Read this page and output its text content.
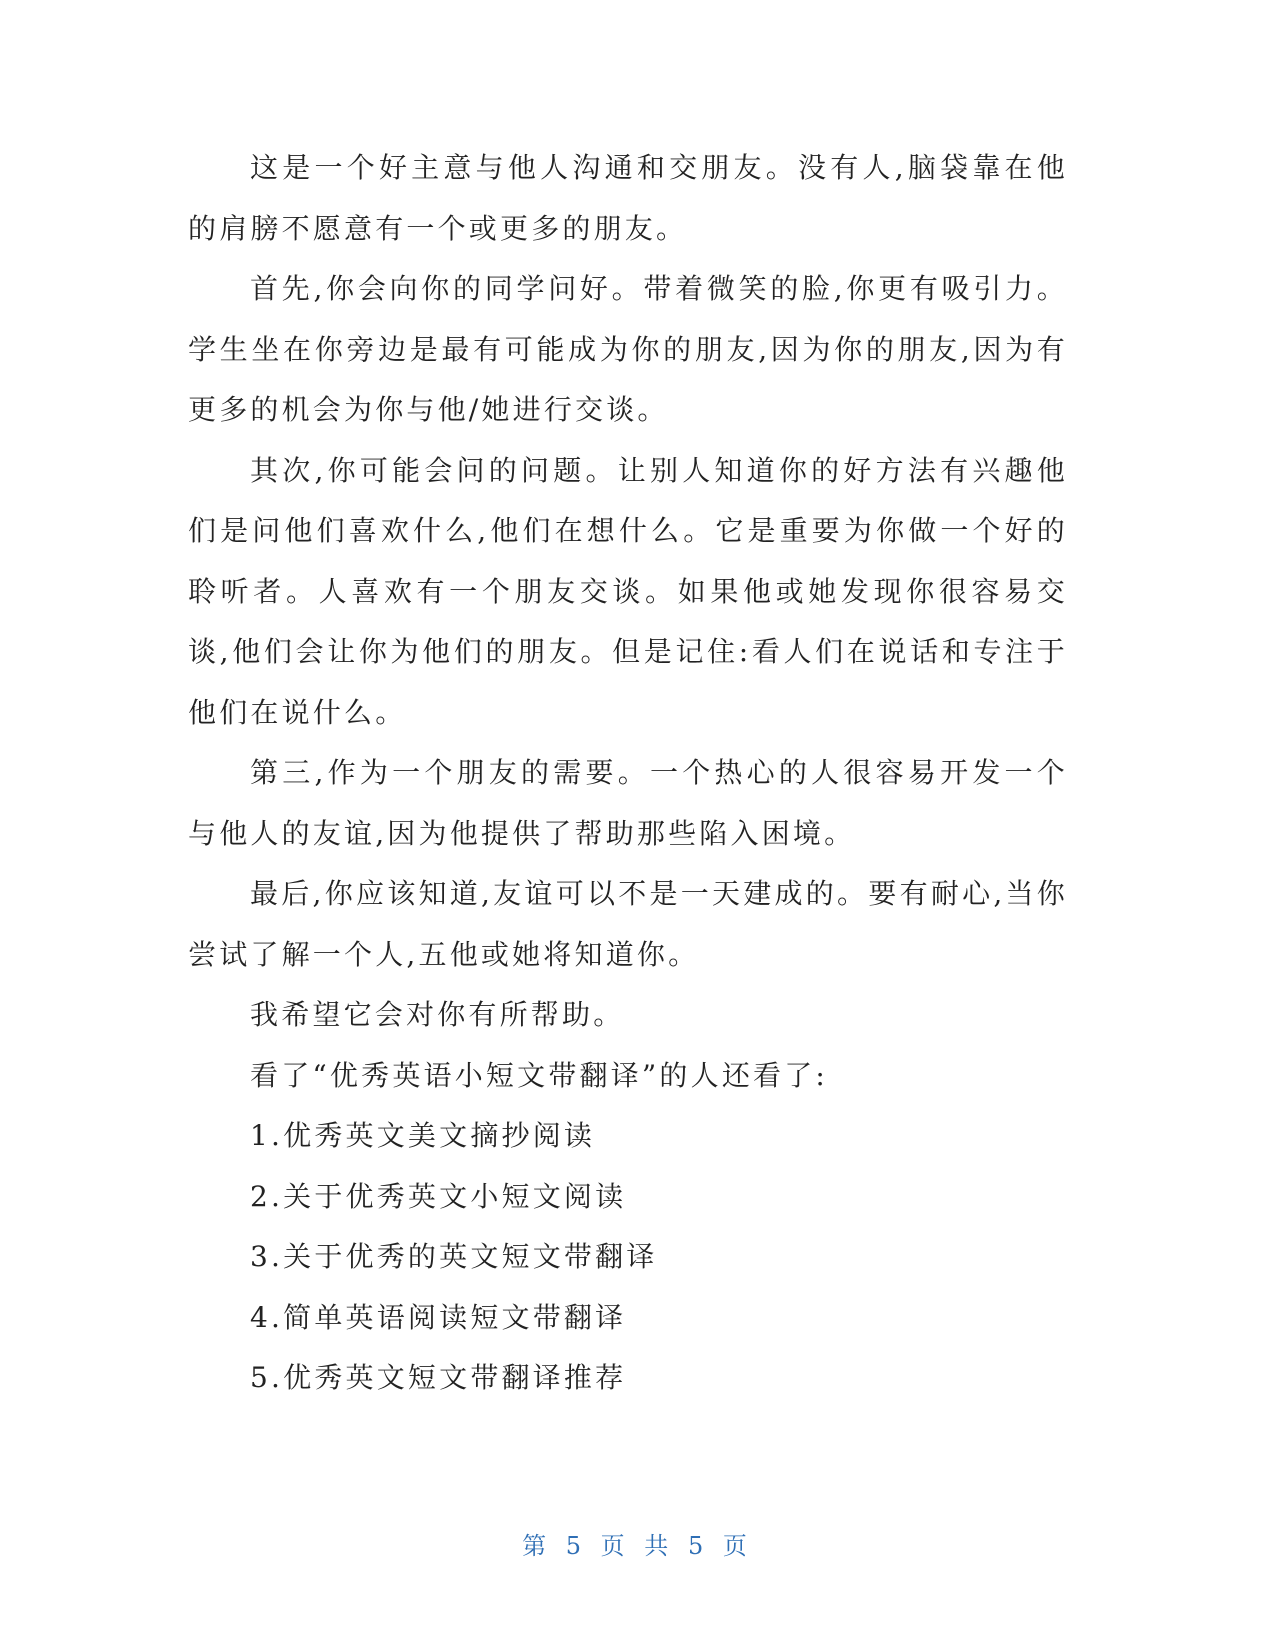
这是一个好主意与他人沟通和交朋友。没有人,脑袋靠在他的肩膀不愿意有一个或更多的朋友。

首先,你会向你的同学问好。带着微笑的脸,你更有吸引力。学生坐在你旁边是最有可能成为你的朋友,因为你的朋友,因为有更多的机会为你与他/她进行交谈。

其次,你可能会问的问题。让别人知道你的好方法有兴趣他们是问他们喜欢什么,他们在想什么。它是重要为你做一个好的聆听者。人喜欢有一个朋友交谈。如果他或她发现你很容易交谈,他们会让你为他们的朋友。但是记住:看人们在说话和专注于他们在说什么。

第三,作为一个朋友的需要。一个热心的人很容易开发一个与他人的友谊,因为他提供了帮助那些陷入困境。

最后,你应该知道,友谊可以不是一天建成的。要有耐心,当你尝试了解一个人,五他或她将知道你。

我希望它会对你有所帮助。

看了“优秀英语小短文带翻译”的人还看了:

1.优秀英文美文摘抄阅读

2.关于优秀英文小短文阅读

3.关于优秀的英文短文带翻译

4.简单英语阅读短文带翻译

5.优秀英文短文带翻译推荐

第 5 页 共 5 页
